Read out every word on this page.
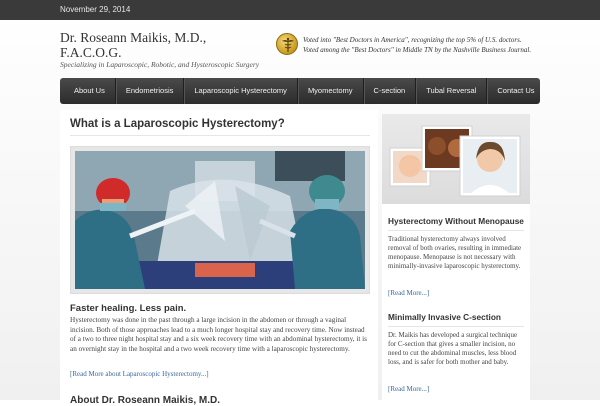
November 29, 2014
Dr. Roseann Maikis, M.D., F.A.C.O.G.
Specializing in Laparoscopic, Robotic, and Hysteroscopic Surgery

Voted into "Best Doctors in America", recognizing the top 5% of U.S. doctors.

Voted among the "Best Doctors" in Middle TN by the Nashville Business Journal.

About Us	Endometriosis	Laparoscopic Hysterectomy	Myomectomy	C-section	Tubal Reversal	Contact Us
What is a Laparoscopic Hysterectomy?
Faster healing. Less pain.
Hysterectomy was done in the past through a large incision in the abdomen or through a vaginal incision. Both of those approaches lead to a much longer hospital stay and recovery time. Now instead of a two to three night hospital stay and a six week recovery time with an abdominal hysterectomy, it is an overnight stay in the hospital and a two week recovery time with a laparoscopic hysterectomy.
[Read More about Laparoscopic Hysterectomy...]
About Dr. Roseann Maikis, M.D.
Hysterectomy Without Menopause

Traditional hysterectomy always involved removal of both ovaries, resulting in immediate menopause. Menopause is not necessary with minimally-invasive laparoscopic hysterectomy.

[Read More...]
Minimally Invasive C-section

Dr. Maikis has developed a surgical technique for C-section that gives a smaller incision, no need to cut the abdominal muscles, less blood loss, and is safer for both mother and baby.

[Read More...]
